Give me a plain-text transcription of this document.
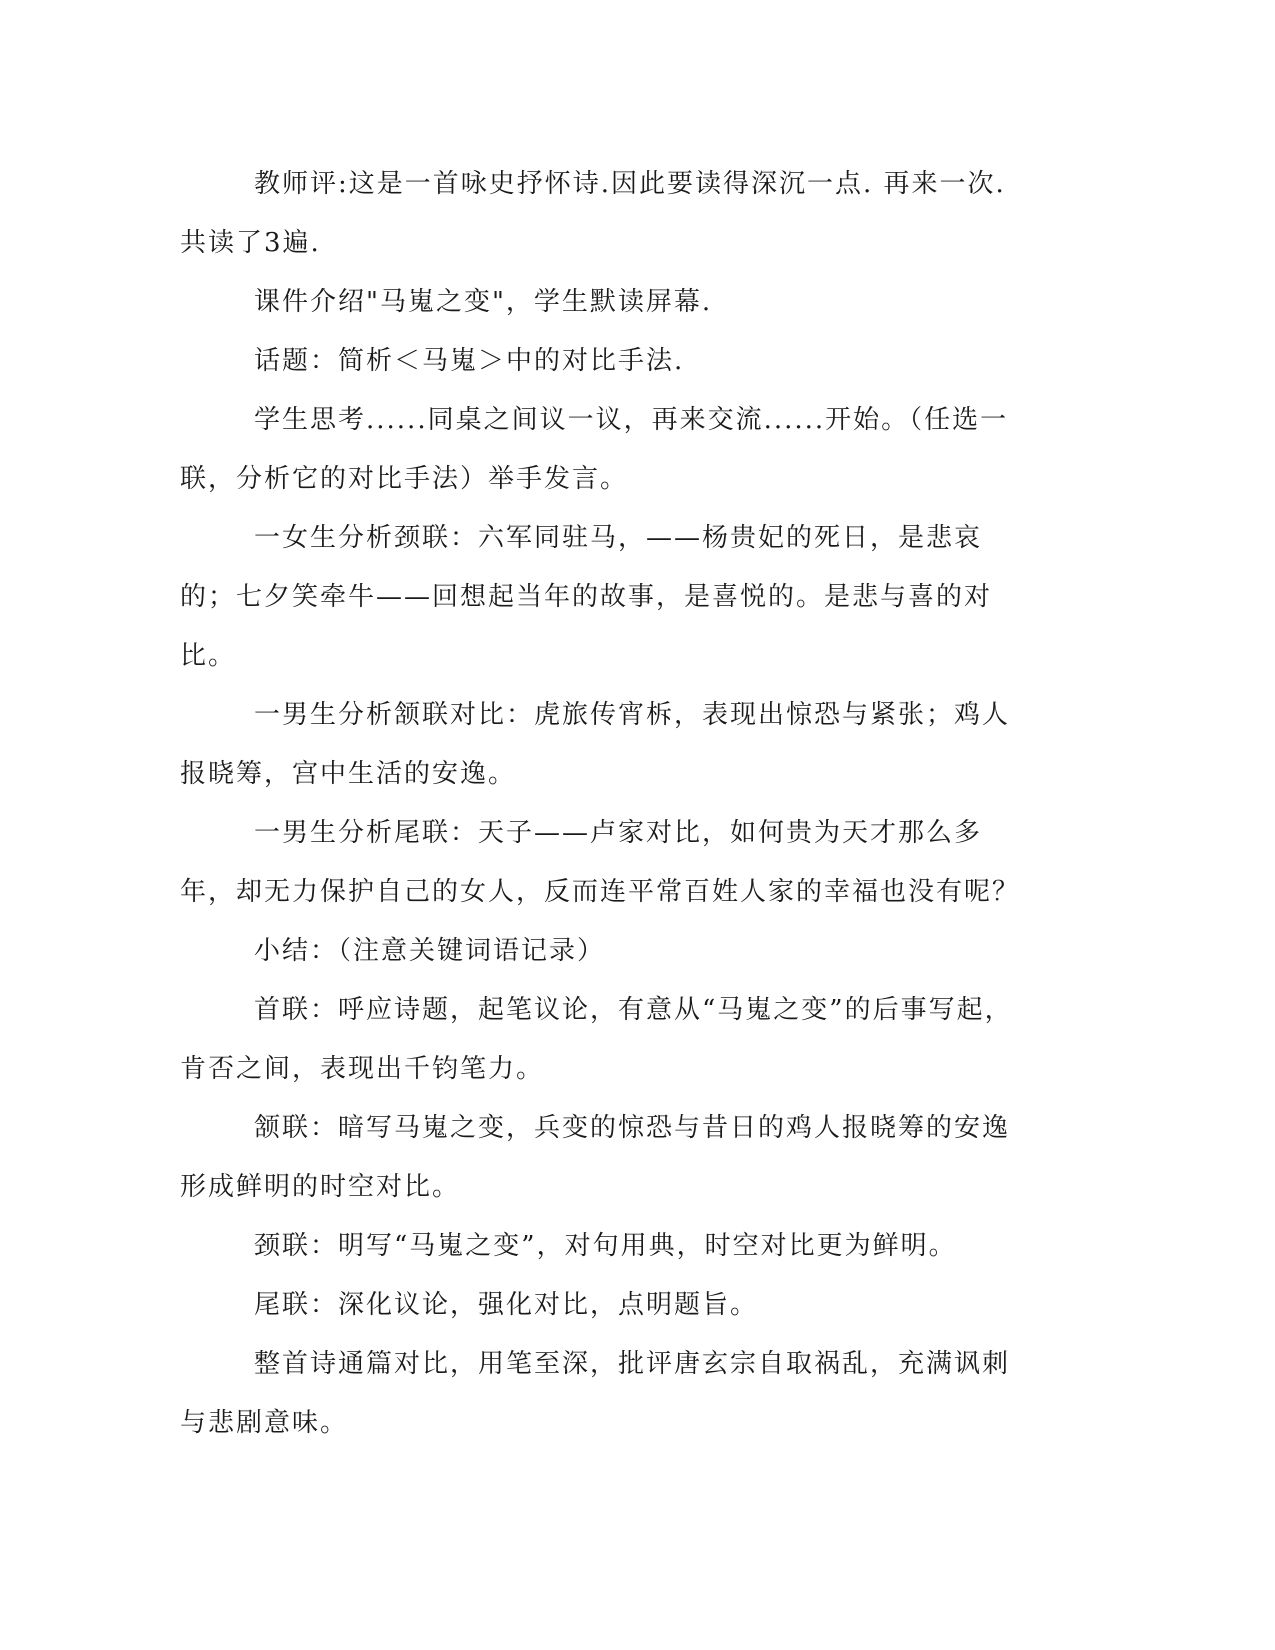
教师评:这是一首咏史抒怀诗.因此要读得深沉一点. 再来一次. 共读了3遍.

课件介绍"马嵬之变"，学生默读屏幕.

话题：简析＜马嵬＞中的对比手法.

学生思考......同桌之间议一议，再来交流......开始。（任选一联，分析它的对比手法）举手发言。

一女生分析颈联：六军同驻马，——杨贵妃的死日，是悲哀的；七夕笑牵牛——回想起当年的故事，是喜悦的。是悲与喜的对比。

一男生分析颔联对比：虎旅传宵柝，表现出惊恐与紧张；鸡人报晓筹，宫中生活的安逸。

一男生分析尾联：天子——卢家对比，如何贵为天才那么多年，却无力保护自己的女人，反而连平常百姓人家的幸福也没有呢？

小结：（注意关键词语记录）

首联：呼应诗题，起笔议论，有意从“马嵬之变”的后事写起，肯否之间，表现出千钧笔力。

颔联：暗写马嵬之变，兵变的惊恐与昔日的鸡人报晓筹的安逸形成鲜明的时空对比。

颈联：明写“马嵬之变”，对句用典，时空对比更为鲜明。

尾联：深化议论，强化对比，点明题旨。

整首诗通篇对比，用笔至深，批评唐玄宗自取祸乱，充满讽刺与悲剧意味。
